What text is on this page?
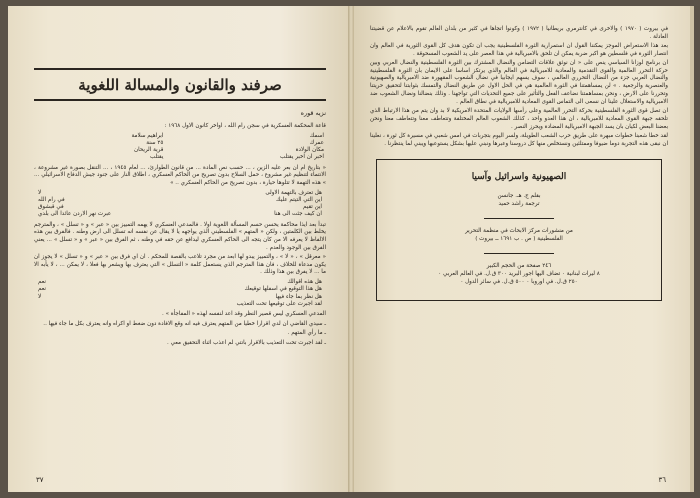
صرفند والقانون والمسالة اللغوية
نزيه قوره

قاعة المحكمة العسكرية في سجن رام الله ، اواخر كانون الاول ١٩٦٨ :

اسمك	ابراهيم سلامة
عمرك	٢٥ سنة
مكان الولادة	قرية الريحان
اخبر ان اخبر يقتلب	يقتلب

« بتاريخ ام ان بعر عليه الزين ، ... حسب نص المادة ... من قانون الطوارئ، ... لعام ١٩٤٥ ، ... التنقل بصورة غير مشروعة ، الانتماء لتنظيم غير مشروع ، حمل السلاح بدون تصريح من الحاكم العسكري ، اطلاق النار على جنود جيش الدفاع الاسرائيلي ... » هذه التهمة لا تتلوها حيارة ، بدون تصريح من الحاكم العسكري .. »

هل تعترف بالتهمة الاولى
لا
اين التي التيتم عليك
في رام الله
اين تقيم
في قبشوق
ان كيف جئت الى هنا
عبرت نهر الاردن عائدا الى بلدي

تبدأ بعد ايذا محاكمة يحسن حسم المسألة اللغوية اولا . فالمدعي العسكري لا يهمه التمييز بين « عبر » و « تسلل » ، والمترجم يخلط بين الكلمتين ، ولكن « المتهم » الفلسطيني الذي يواجهه يا لا يقال عن نفسه انه تسلل الى ارض وطنه . فالفرق بين هذه الالفاظ لا يعرفه الا من كان يتجه الى الحاكم العسكري ليدافع عن حقه في وطنه ، ثم الفرق بين « عبر » و « تسلل » ... يعني الفرق بين الوجود والعدم .

« معرقل » ، « لا » ، والتمييز يبدو لها ابعد من مجرد تلاعب بالقصة للمحكم . ان اي فرق بين « عبر » و « تسلل » لا يجوز ان يكون مدعاة للخلاف ، فان هذا المترجم الذي يستعمل كلمة « التسلل » التي يعترف بها ويشعر بها فعلا ، لا يمكن ... ، لا يأبه الا ما ... لا يفرق بين هذا وذلك .

هل هذه اقوالك
نعم
هل هذا التوقيع في اسفلها توقيعك
نعم
هل نظر بما جاء فيها
لا
لقد اجبرت على توقيعها تحت التعذيب

المدعي العسكري ليس قصير النظر وقد اعد لنفسه لهذه « المفاجأة » .

ـ سيدي القاضي ان لدي اقرارا خطيا من المتهم يعترف فيه انه وقع الافادة دون ضغط او اكراه وانه يعترف بكل ما جاء فيها ..

ـ ما رأي المتهم .

ـ لقد اجبرت تحت التعذيب بالاقرار بانتي لم اعذب اثناء التحقيق معي .

٣٧

في بيروت ( ١٩٧٠ ) والاخرى في كانترمري بريطانيا ( ١٩٧٢ ) وكونوا اتجاها في كثير من بلدان العالم تقوم بالاعلام عن قضيتنا العادلة .

بعد هذا الاستعراض الموجز يمكننا القول ان استمرارية الثورة الفلسطينية يجب ان تكون هدف كل القوى الثورية في العالم وان انتصار الثورة في فلسطين هو اكبر ضربة يمكن ان تلحق بالامبريالية في هذا العصر على يد الشعوب المسحوقة .

ان برنامج لوزانا السياسي ينص على « ان نوثق علاقات التضامن والنضال المشترك بين الثورة الفلسطينية والنضال العربي وبين حركة التحرر العالمية والقوى التقدمية والمعادية للامبريالية في العالم والذي يرتكز اساسا على الايمان بان الثورة الفلسطينية والنضال العربي جزء من النضال التحرري العالمي ، سوف يسهم ايجابيا في نضال الشعوب المقهورة ضد الامبريالية والصهيونية والعنصرية والرجعية . » لن يمساهمتنا في الثورة العالمية هي في الحل الاول عن طريق النضال والتمسك بثوابتنا لتحقيق حريتنا وتحررنا على الارض ، ونحن بمساهمتنا نضاعف الفعل والتأثير على جميع التحديات التي تواجهنا . وذلك بنضالنا ونضال الشعوب ضد الامبريالية والاستغلال علينا ان نسعى الى التماس القوى المعادية للامبريالية في نطاق العالم .

ان تصل قوى الثورة الفلسطينية بحركة التحرر العالمية وعلى رأسها الولايات المتحدة الامريكية لا بد وان يتم من هذا الارتباط الذي تلحقه جبهة القوى المعادية للامبريالية ، ان هذا العدو واحد ، كذلك الشعوب العالم المختلفة وتتعاطف معنا وتتعاطف معنا ونحن بعضنا البعض لكيان بان يسد الجبهة الامبريالية المضادة ويحرز النصر .

لقد خطا شعبنا خطوات مبهرة على طريق حرب الشعب الطويلة، ولسر اليوم بتجربات في امس شعبي في مسيرة كل ثورة ، نعلينا ان نبقى هذه التجربة دوما ضيوفا وممتلئين ونستخلص منها كل دروسنا وعبرها ونبني عليها بشكل يستوعبها ويبني لما ينتظرنا .

الصهيونية واسرائيل وآسيا
بقلم ج. هـ. جانسن
ترجمة راشد حميد
من منشورات مركز الابحاث في منظمة التحرير
الفلسطينية ( ص . ب ١٦٩١ ــ بيروت )
٢٤٦ صفحة من الحجم الكبير
٨ ليرات لبنانية ٠ تضاف اليها اجور البريد ٣٠٠ ق.ل. في العالم العربي ٠
٢٥٠ ق.ل. في اوروبا ٠ ٥٠٠ ق.ل. في سائر الدول ٠
٣٦
